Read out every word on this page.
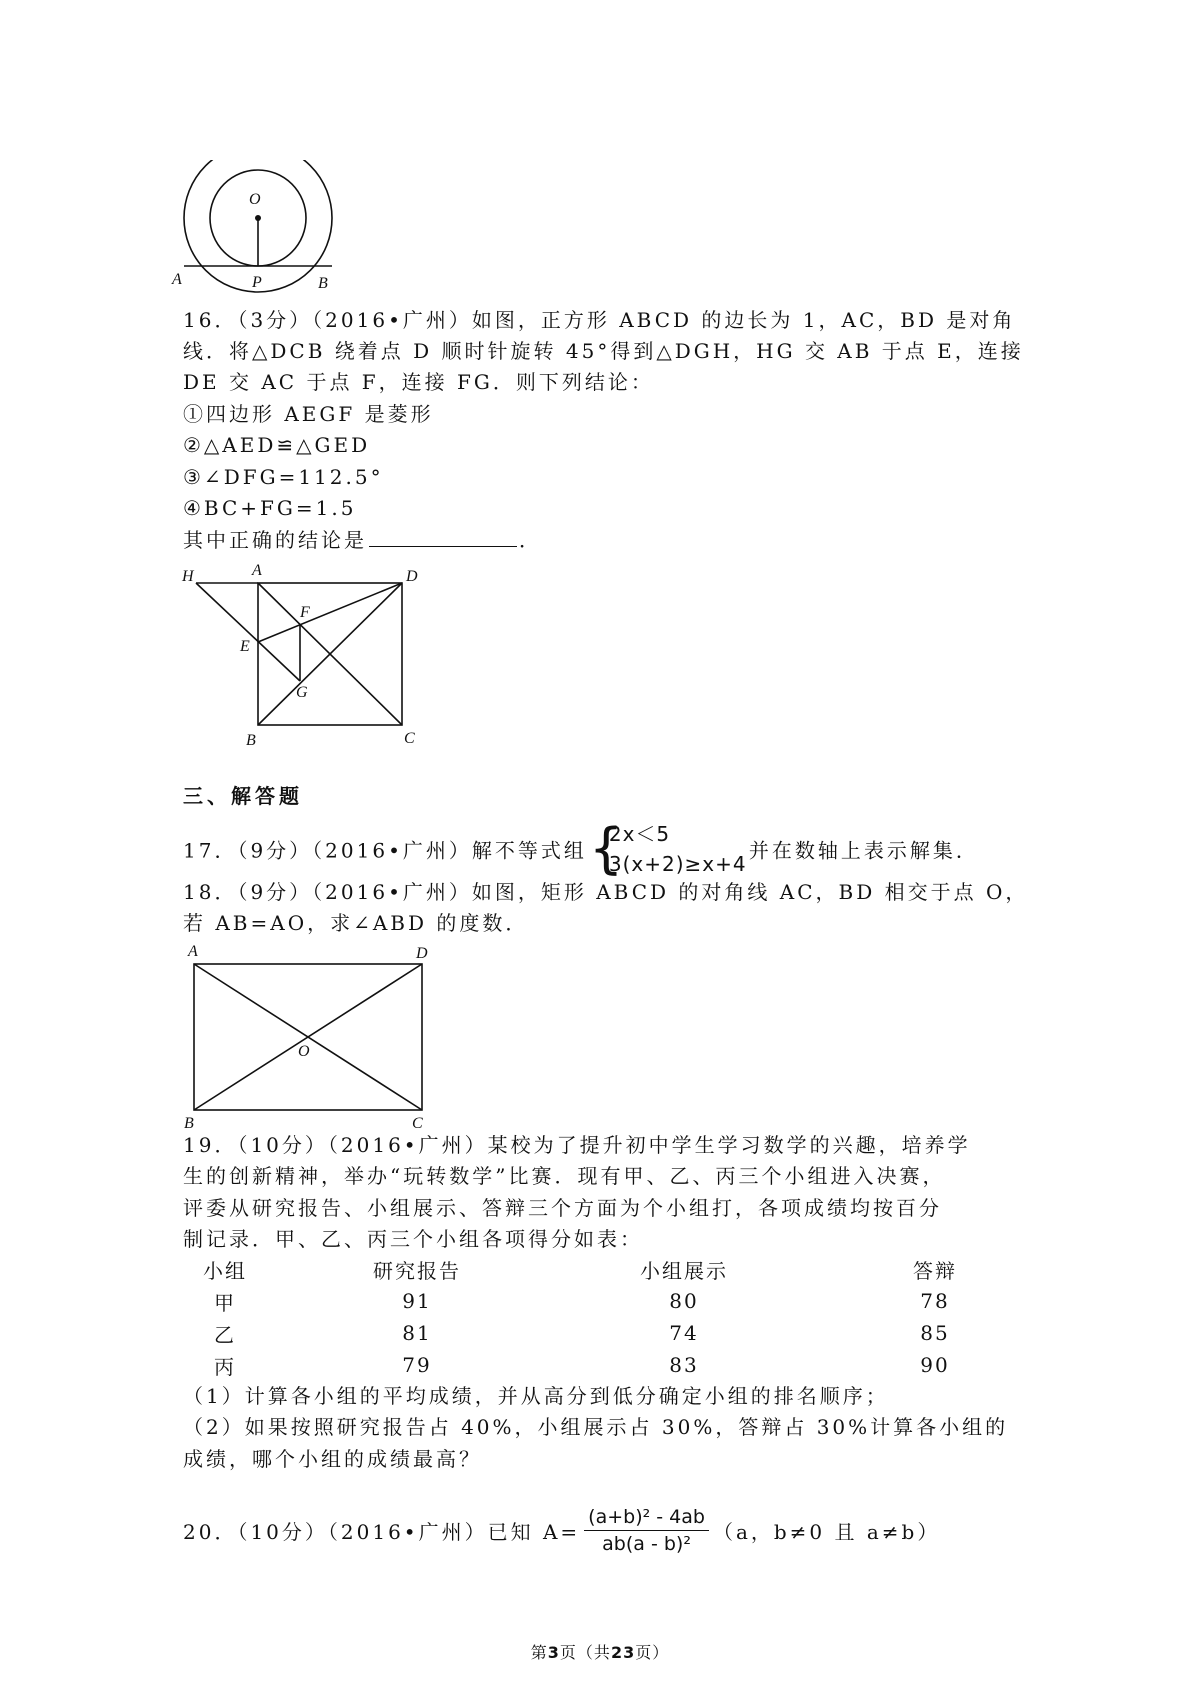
O
A	P	B
16．（3分）（2016•广州）如图，正方形 ABCD 的边长为 1，AC，BD 是对角
线．将△DCB 绕着点 D 顺时针旋转 45°得到△DGH，HG 交 AB 于点 E，连接
DE 交 AC 于点 F，连接 FG．则下列结论：
①四边形 AEGF 是菱形
②△AED≌△GED
③∠DFG=112.5°
④BC+FG=1.5
其中正确的结论是	．
H	A	D
F
E
G
B	C
三、解答题
17．（9分）（2016•广州）解不等式组 {
2x＜5
3(x+2)≥x+4
并在数轴上表示解集．
18．（9分）（2016•广州）如图，矩形 ABCD 的对角线 AC，BD 相交于点 O，
若 AB=AO，求∠ABD 的度数．
A	D
O
B	C
19．（10分）（2016•广州）某校为了提升初中学生学习数学的兴趣，培养学
生的创新精神，举办“玩转数学”比赛．现有甲、乙、丙三个小组进入决赛，
评委从研究报告、小组展示、答辩三个方面为个小组打，各项成绩均按百分
制记录．甲、乙、丙三个小组各项得分如表：
小组	研究报告	小组展示	答辩
甲	91	80	78
乙	81	74	85
丙	79	83	90
（1）计算各小组的平均成绩，并从高分到低分确定小组的排名顺序；
（2）如果按照研究报告占 40%，小组展示占 30%，答辩占 30%计算各小组的
成绩，哪个小组的成绩最高？
20．（10分）（2016•广州）已知 $A= \frac{\text{(a+b)² - 4ab}}{\text{ab(a - b)²}} (a$，b≠0 且 a≠b）
第3页（共23页）
